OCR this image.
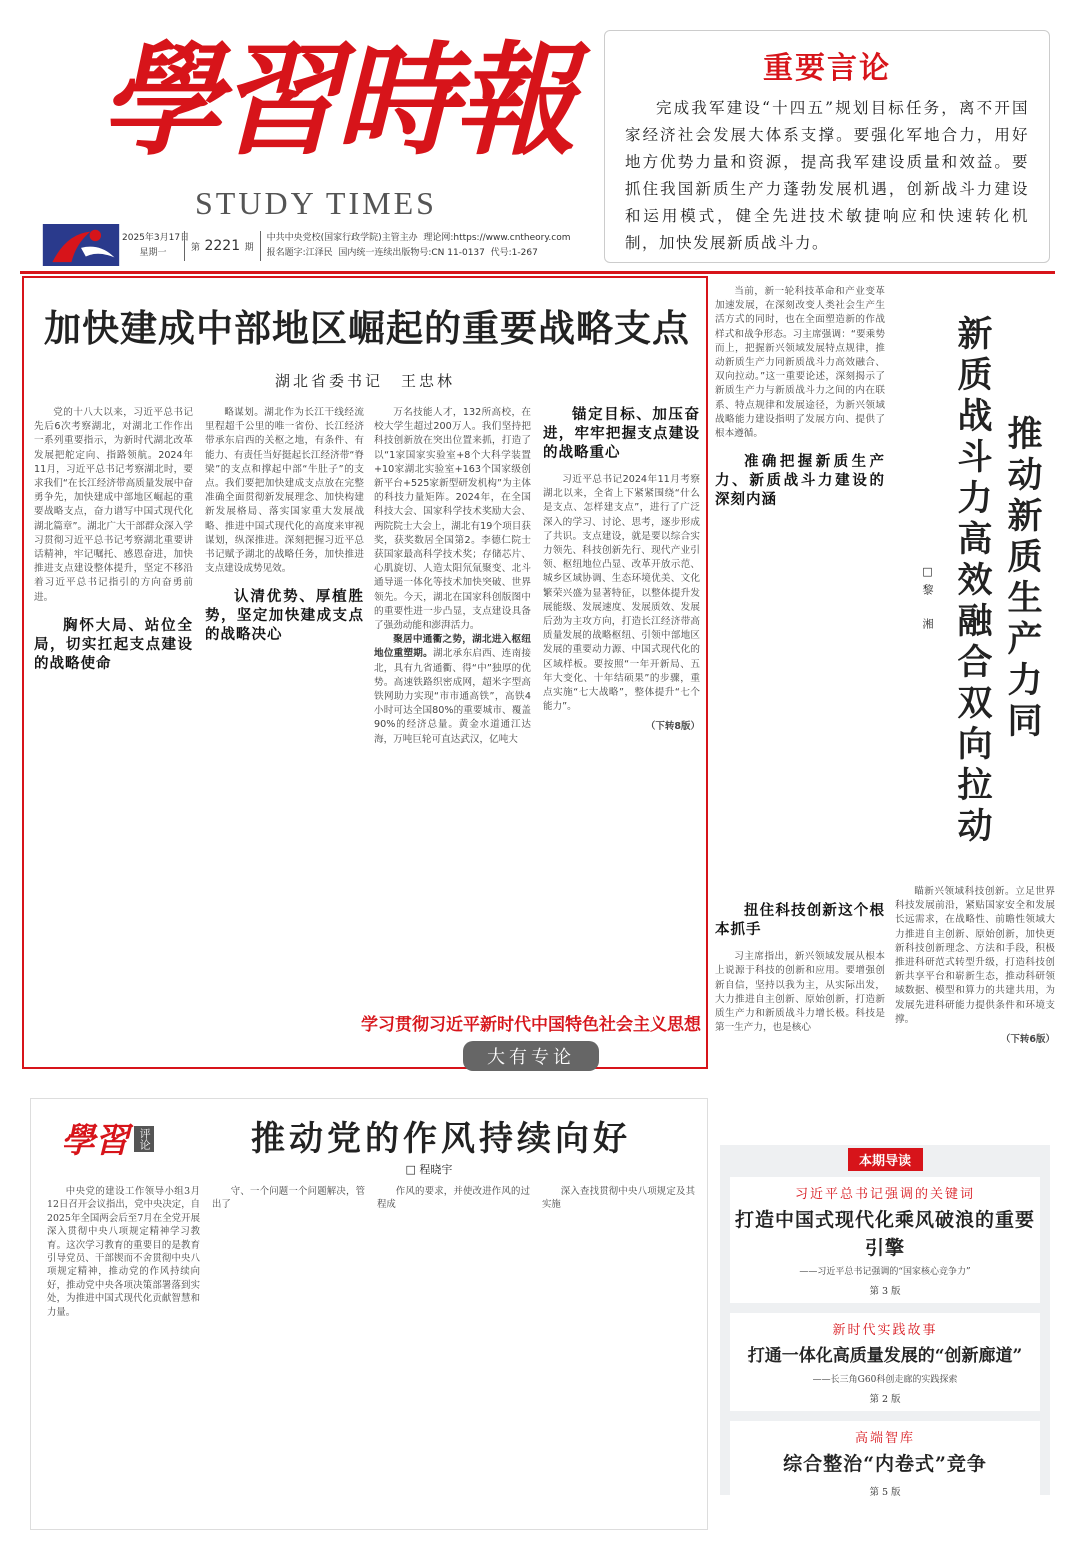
學習時報
STUDY TIMES
2025年3月17日
星期一
第
2221
期
中共中央党校(国家行政学院)主管主办 理论网:https://www.cntheory.com
报名题字:江泽民 国内统一连续出版物号:CN 11-0137 代号:1-267
重要言论

完成我军建设“十四五”规划目标任务，离不开国家经济社会发展大体系支撑。要强化军地合力，用好地方优势力量和资源，提高我军建设质量和效益。要抓住我国新质生产力蓬勃发展机遇，创新战斗力建设和运用模式，健全先进技术敏捷响应和快速转化机制，加快发展新质战斗力。

加快建成中部地区崛起的重要战略支点
湖北省委书记　王忠林

党的十八大以来，习近平总书记先后6次考察湖北，对湖北工作作出一系列重要指示，为新时代湖北改革发展把舵定向、指路领航。2024年11月，习近平总书记考察湖北时，要求我们“在长江经济带高质量发展中奋勇争先，加快建成中部地区崛起的重要战略支点，奋力谱写中国式现代化湖北篇章”。湖北广大干部群众深入学习贯彻习近平总书记考察湖北重要讲话精神，牢记嘱托、感恩奋进，加快推进支点建设整体提升，坚定不移沿着习近平总书记指引的方向奋勇前进。

胸怀大局、站位全局，切实扛起支点建设的战略使命

略谋划。湖北作为长江干线经流里程超千公里的唯一省份、长江经济带承东启西的关枢之地，有条件、有能力、有责任当好挺起长江经济带“脊梁”的支点和撑起中部“牛肚子”的支点。我们要把加快建成支点放在完整准确全面贯彻新发展理念、加快构建新发展格局、落实国家重大发展战略、推进中国式现代化的高度来审视谋划，纵深推进。深刻把握习近平总书记赋予湖北的战略任务，加快推进支点建设成势见效。

认清优势、厚植胜势，坚定加快建成支点的战略决心

万名技能人才，132所高校，在校大学生超过200万人。我们坚持把科技创新放在突出位置来抓，打造了以“1家国家实验室+8个大科学装置+10家湖北实验室+163个国家级创新平台+525家新型研发机构”为主体的科技力量矩阵。2024年，在全国科技大会、国家科学技术奖励大会、两院院士大会上，湖北有19个项目获奖，获奖数居全国第2。李德仁院士获国家最高科学技术奖；存储芯片、心肌旋切、人造太阳氘氚聚变、北斗通导遥一体化等技术加快突破、世界领先。今天，湖北在国家科创版图中的重要性进一步凸显，支点建设具备了强劲动能和澎湃活力。

聚居中通衢之势，湖北进入枢纽地位重塑期。湖北承东启西、连南接北，具有九省通衢、得“中”独厚的优势。高速铁路织密成网，超米字型高铁网助力实现“市市通高铁”，高铁4小时可达全国80%的重要城市、覆盖90%的经济总量。黄金水道通江达海，万吨巨轮可直达武汉，亿吨大

锚定目标、加压奋进，牢牢把握支点建设的战略重心

习近平总书记2024年11月考察湖北以来，全省上下紧紧围绕“什么是支点、怎样建支点”，进行了广泛深入的学习、讨论、思考，逐步形成了共识。支点建设，就是要以综合实力领先、科技创新先行、现代产业引领、枢纽地位凸显、改革开放示范、城乡区域协调、生态环境优美、文化繁荣兴盛为显著特征，以整体提升发展能级、发展速度、发展质效、发展后劲为主攻方向，打造长江经济带高质量发展的战略枢纽、引领中部地区发展的重要动力源、中国式现代化的区域样板。要按照“一年开新局、五年大变化、十年结硕果”的步骤，重点实施“七大战略”，整体提升“七个能力”。

（下转8版）
学习贯彻习近平新时代中国特色社会主义思想
大有专论
推动新质生产力同
新质战斗力高效融合双向拉动
□黎　湘

当前，新一轮科技革命和产业变革加速发展，在深刻改变人类社会生产生活方式的同时，也在全面塑造新的作战样式和战争形态。习主席强调：“要乘势而上，把握新兴领域发展特点规律，推动新质生产力同新质战斗力高效融合、双向拉动。”这一重要论述，深刻揭示了新质生产力与新质战斗力之间的内在联系、特点规律和发展途径，为新兴领域战略能力建设指明了发展方向、提供了根本遵循。

准确把握新质生产力、新质战斗力建设的深刻内涵
扭住科技创新这个根本抓手

习主席指出，新兴领域发展从根本上说源于科技的创新和应用。要增强创新自信，坚持以我为主，从实际出发，大力推进自主创新、原始创新，打造新质生产力和新质战斗力增长极。科技是第一生产力，也是核心

瞄新兴领域科技创新。立足世界科技发展前沿，紧贴国家安全和发展长远需求，在战略性、前瞻性领域大力推进自主创新、原始创新，加快更新科技创新理念、方法和手段，积极推进科研范式转型升级，打造科技创新共享平台和崭新生态，推动科研领域数据、模型和算力的共建共用，为发展先进科研能力提供条件和环境支撑。

（下转6版）
學習 评论	推动党的作风持续向好
□ 程晓宇

中央党的建设工作领导小组3月12日召开会议指出，党中央决定，自2025年全国两会后至7月在全党开展深入贯彻中央八项规定精神学习教育。这次学习教育的重要目的是教育引导党员、干部锲而不舍贯彻中央八项规定精神，推动党的作风持续向好，推动党中央各项决策部署落到实处，为推进中国式现代化贡献智慧和力量。

守、一个问题一个问题解决，管出了

作风的要求，并使改进作风的过程成

深入查找贯彻中央八项规定及其实施

本期导读
习近平总书记强调的关键词
打造中国式现代化乘风破浪的重要引擎
——习近平总书记强调的“国家核心竞争力”
第 3 版
新时代实践故事
打通一体化高质量发展的“创新廊道”
——长三角G60科创走廊的实践探索
第 2 版
高端智库
综合整治“内卷式”竞争
第 5 版
